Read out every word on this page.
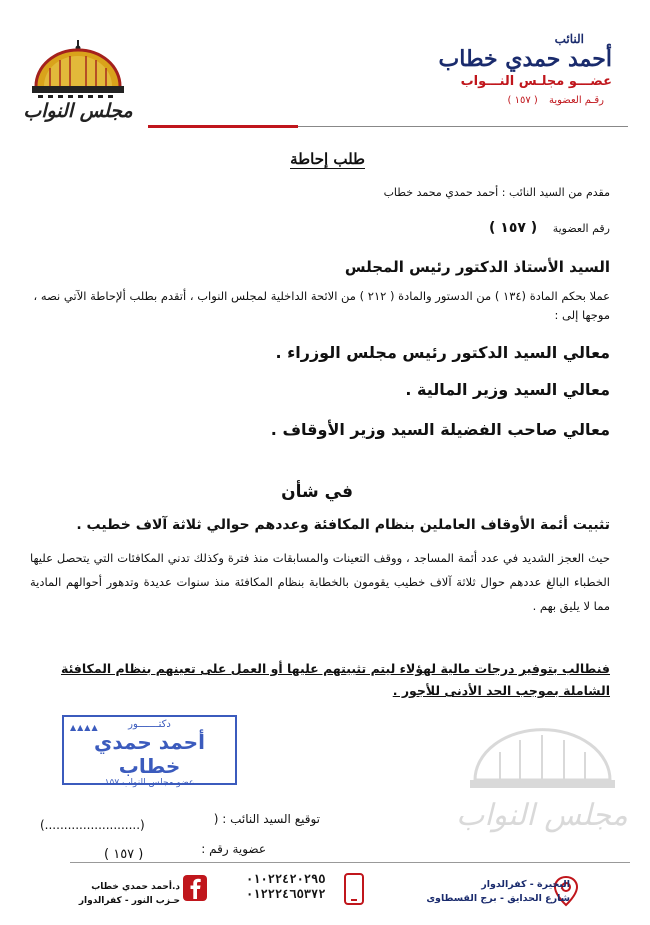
مجلس النواب
النائب
أحمد حمدي خطاب
عضـــو مجلـس النـــواب
رقـم العضوية ( ١٥٧ )
طلب إحاطة
مقدم من السيد النائب : أحمد حمدي محمد خطاب
رقم العضوية ( ١٥٧ )
السيد الأستاذ الدكتور رئيس المجلس
عملا بحكم المادة (١٣٤ ) من الدستور والمادة ( ٢١٢ ) من الائحة الداخلية لمجلس النواب ، أتقدم بطلب ألإحاطة الآتي نصه ، موجها إلى :
معالي السيد الدكتور رئيس مجلس الوزراء .
معالي السيد وزير المالية .
معالي صاحب الفضيلة السيد وزير الأوقاف .
في شأن
تثبيت أئمة الأوقاف العاملين بنظام المكافئة وعددهم حوالي ثلاثة آلاف خطيب .
حيث العجز الشديد في عدد أئمة المساجد ، ووقف التعينات والمسابقات منذ فترة وكذلك تدني المكافئات التي يتحصل عليها الخطباء البالغ عددهم حوال ثلاثة آلاف خطيب يقومون بالخطابة بنظام المكافئة منذ سنوات عديدة وتدهور أحوالهم المادية مما لا يليق بهم .
فنطالب بتوفير درجات مالية لهؤلاء ليتم تثبيتهم عليها أو العمل على تعينهم بنظام المكافئة الشاملة بموجب الحد الأدنى للأجور .
▲▲▲▲	دكتـــــــور
أحمد حمدي خطاب
عضو مجلس النواب ١٥٧
مجلس النواب
توقيع السيد النائب : (
(.........................)
عضوية رقم :
( ١٥٧ )
البحيرة - كفرالدوار
شارع الحدايق - برج القسطاوى
٠١٠٢٢٤٢٠٢٩٥
٠١٢٢٢٤٦٥٣٧٢
د.أحمد حمدي خطاب
حـزب النور - كفرالدوار
